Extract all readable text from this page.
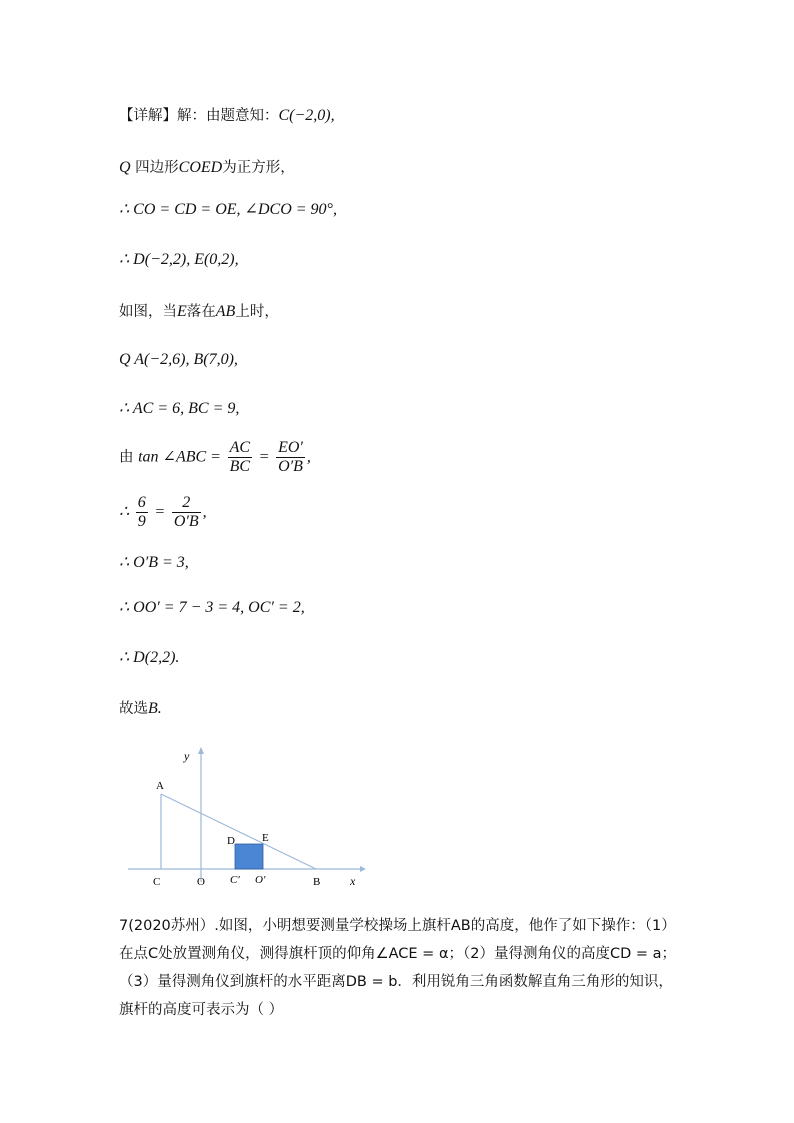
【详解】解：由题意知：C(−2,0),
Q 四边形COED为正方形，
∴ CO = CD = OE, ∠DCO = 90°,
∴ D(−2,2), E(0,2),
如图，当E落在AB上时，
Q A(−2,6), B(7,0),
∴ AC = 6, BC = 9,
由 tan ∠ABC = $\frac{AC}{BC} = \frac{EO'}{O'B}$ ,
∴ $\frac{6}{9} = \frac{2}{O'B}$ ,
∴ O′B = 3,
∴ OO′ = 7 − 3 = 4, OC′ = 2,
∴ D(2,2).
故选B.
y
A
D E
C	O C′ O′	B x
7(2020苏州）.如图，小明想要测量学校操场上旗杆AB的高度，他作了如下操作：（1）在点C处放置测角仪，测得旗杆顶的仰角∠ACE = α；（2）量得测角仪的高度CD = a；（3）量得测角仪到旗杆的水平距离DB = b．利用锐角三角函数解直角三角形的知识，旗杆的高度可表示为（ ）
